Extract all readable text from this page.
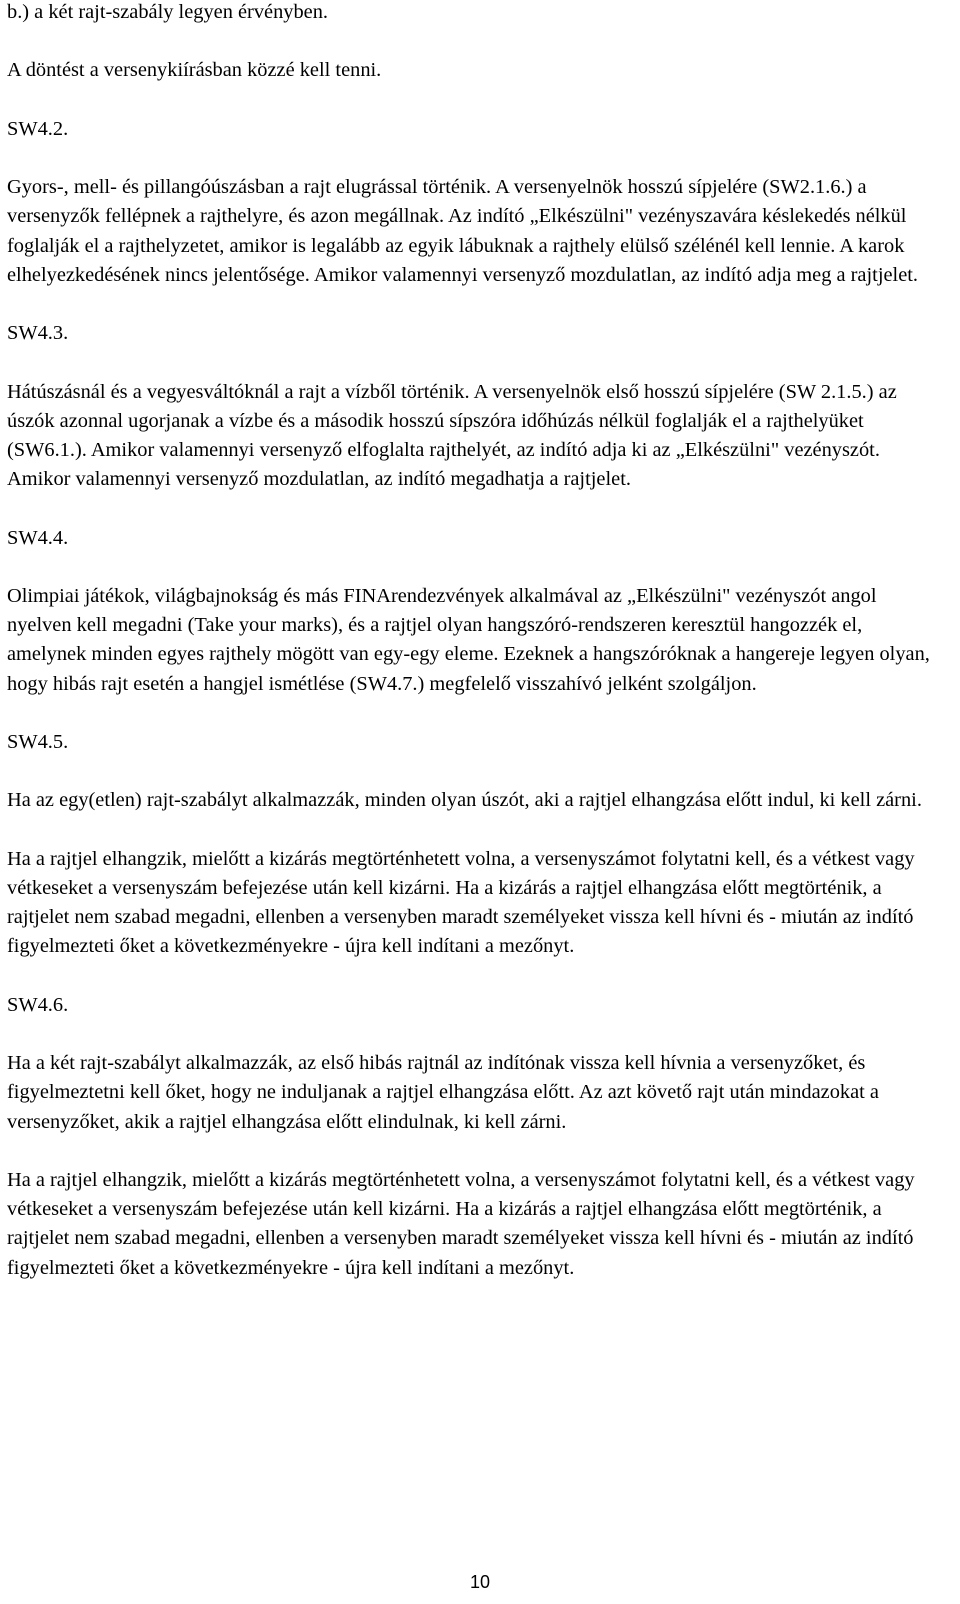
b.) a két rajt-szabály legyen érvényben.

A döntést a versenykiírásban közzé kell tenni.

SW4.2.

Gyors-, mell- és pillangóúszásban a rajt elugrással történik. A versenyelnök hosszú sípjelére (SW2.1.6.) a versenyzők fellépnek a rajthelyre, és azon megállnak. Az indító „Elkészülni" vezényszavára késlekedés nélkül foglalják el a rajthelyzetet, amikor is legalább az egyik lábuknak a rajthely elülső szélénél kell lennie. A karok elhelyezkedésének nincs jelentősége. Amikor valamennyi versenyző mozdulatlan, az indító adja meg a rajtjelet.

SW4.3.

Hátúszásnál és a vegyesváltóknál a rajt a vízből történik. A versenyelnök első hosszú sípjelére (SW 2.1.5.) az úszók azonnal ugorjanak a vízbe és a második hosszú sípszóra időhúzás nélkül foglalják el a rajthelyüket (SW6.1.). Amikor valamennyi versenyző elfoglalta rajthelyét, az indító adja ki az „Elkészülni" vezényszót. Amikor valamennyi versenyző mozdulatlan, az indító megadhatja a rajtjelet.

SW4.4.

Olimpiai játékok, világbajnokság és más FINArendezvények alkalmával az „Elkészülni" vezényszót angol nyelven kell megadni (Take your marks), és a rajtjel olyan hangszóró-rendszeren keresztül hangozzék el, amelynek minden egyes rajthely mögött van egy-egy eleme. Ezeknek a hangszóróknak a hangereje legyen olyan, hogy hibás rajt esetén a hangjel ismétlése (SW4.7.) megfelelő visszahívó jelként szolgáljon.

SW4.5.

Ha az egy(etlen) rajt-szabályt alkalmazzák, minden olyan úszót, aki a rajtjel elhangzása előtt indul, ki kell zárni.

Ha a rajtjel elhangzik, mielőtt a kizárás megtörténhetett volna, a versenyszámot folytatni kell, és a vétkest vagy vétkeseket a versenyszám befejezése után kell kizárni. Ha a kizárás a rajtjel elhangzása előtt megtörténik, a rajtjelet nem szabad megadni, ellenben a versenyben maradt személyeket vissza kell hívni és - miután az indító figyelmezteti őket a következményekre - újra kell indítani a mezőnyt.

SW4.6.

Ha a két rajt-szabályt alkalmazzák, az első hibás rajtnál az indítónak vissza kell hívnia a versenyzőket, és figyelmeztetni kell őket, hogy ne induljanak a rajtjel elhangzása előtt. Az azt követő rajt után mindazokat a versenyzőket, akik a rajtjel elhangzása előtt elindulnak, ki kell zárni.

Ha a rajtjel elhangzik, mielőtt a kizárás megtörténhetett volna, a versenyszámot folytatni kell, és a vétkest vagy vétkeseket a versenyszám befejezése után kell kizárni. Ha a kizárás a rajtjel elhangzása előtt megtörténik, a rajtjelet nem szabad megadni, ellenben a versenyben maradt személyeket vissza kell hívni és - miután az indító figyelmezteti őket a következményekre - újra kell indítani a mezőnyt.

10
